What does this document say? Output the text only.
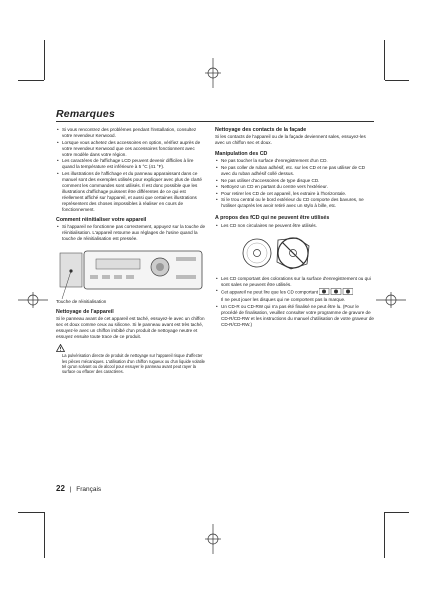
Remarques
• Si vous rencontrez des problèmes pendant l'installation, consultez votre revendeur Kenwood.
• Lorsque vous achetez des accessoires en option, vérifiez auprès de votre revendeur Kenwood que ces accessoires fonctionnent avec votre modèle dans votre région.
• Les caractères de l'affichage LCD peuvent devenir difficiles à lire quand la température est inférieure à 5 °C (41 °F).
• Les illustrations de l'affichage et du panneau apparaissant dans ce manuel sont des exemples utilisés pour expliquer avec plus de clarté comment les commandes sont utilisés. Il est donc possible que les illustrations d'affichage puissent être différentes de ce qui est réellement affiché sur l'appareil, et aussi que certaines illustrations représentent des choses impossibles à réaliser en cours de fonctionnement.
Comment réinitialiser votre appareil
• Si l'appareil ne fonctionne pas correctement, appuyez sur la touche de réinitialisation. L'appareil retourne aux réglages de l'usine quand la touche de réinitialisation est pressée.
Touche de réinitialisation
Nettoyage de l'appareil

Si le panneau avant de cet appareil est taché, essuyez-le avec un chiffon sec et doux comme ceux au silicone. Si le panneau avant est très taché, essuyez-le avec un chiffon imbibé d'un produit de nettoyage neutre et essuyez ensuite toute trace de ce produit.

La pulvérisation directe de produit de nettoyage sur l'appareil risque d'affecter les pièces mécaniques. L'utilisation d'un chiffon rugueux ou d'un liquide volatile tel qu'un solvant ou de alcool pour essuyer le panneau avant peut rayer la surface ou effacer des caractères.

Nettoyage des contacts de la façade

Si les contacts de l'appareil ou de la façade deviennent sales, essuyez-les avec un chiffon sec et doux.

Manipulation des CD
• Ne pas toucher la surface d'enregistrement d'un CD.
• Ne pas coller de ruban adhésif, etc. sur les CD et ne pas utiliser de CD avec du ruban adhésif collé dessus.
• Ne pas utiliser d'accessoires de type disque CD.
• Nettoyez un CD en partant du centre vers l'extérieur.
• Pour retirer les CD de cet appareil, les extraire à l'horizontale.
• Si le trou central ou le bord extérieur du CD comporte des bavures, ne l'utiliser qu'après les avoir retiré avec un stylo à bille, etc.
A propos des fCD qui ne peuvent être utilisés
• Les CD non circulaires ne peuvent être utilisés.
• Les CD comportant des colorations sur la surface d'enregistrement ou qui sont sales ne peuvent être utilisés.
• Cet appareil ne peut lire que les CD comportant
Il ne peut jouer les disques qui ne comportent pas la marque.
• Un CD-R ou CD-RW qui n'a pas été finalisé ne peut être lu. (Pour le procédé de finalisation, veuillez consulter votre programme de gravure de CD-R/CD-RW et les instructions du manuel d'utilisation de votre graveur de CD-R/CD-RW.)
22 | Français
